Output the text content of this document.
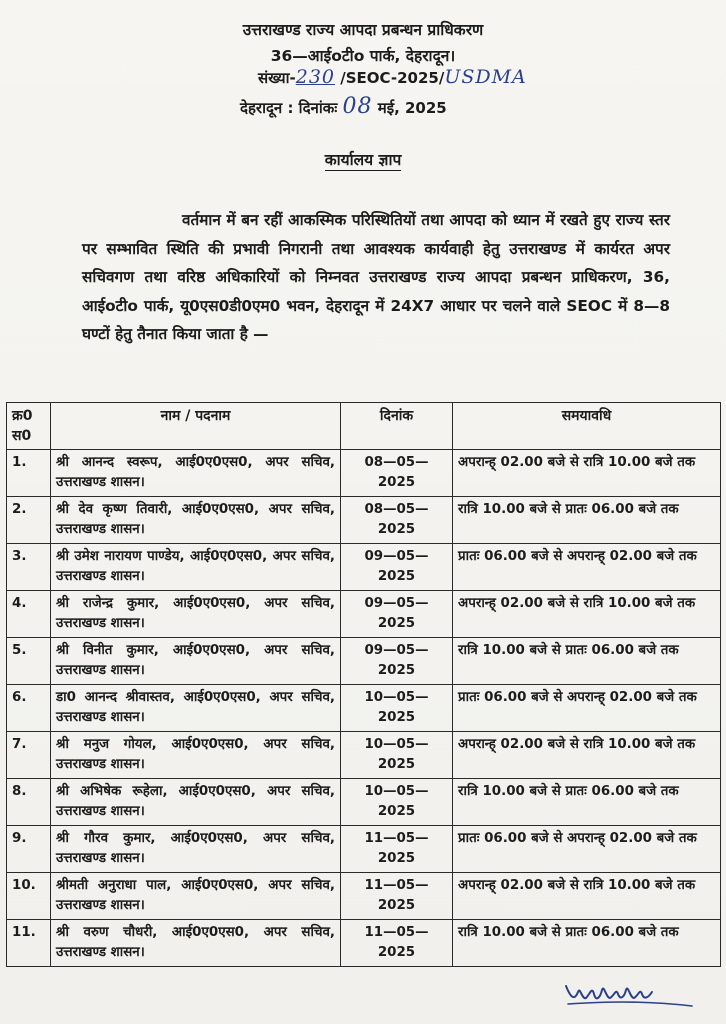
उत्तराखण्ड राज्य आपदा प्रबन्धन प्राधिकरण
36—आईoटीo पार्क, देहरादून।
संख्या-230 /SEOC-2025/USDMA
देहरादून : दिनांकः 08 मई, 2025
कार्यालय ज्ञाप
वर्तमान में बन रहीं आकस्मिक परिस्थितियों तथा आपदा को ध्यान में रखते हुए राज्य स्तर पर सम्भावित स्थिति की प्रभावी निगरानी तथा आवश्यक कार्यवाही हेतु उत्तराखण्ड में कार्यरत अपर सचिवगण तथा वरिष्ठ अधिकारियों को निम्नवत उत्तराखण्ड राज्य आपदा प्रबन्धन प्राधिकरण, 36, आईoटीo पार्क, यू0एस0डी0एम0 भवन, देहरादून में 24X7 आधार पर चलने वाले SEOC में 8—8 घण्टों हेतु तैनात किया जाता है —
क्र0 स0	नाम / पदनाम	दिनांक	समयावधि
1.	श्री आनन्द स्वरूप, आई0ए0एस0, अपर सचिव, उत्तराखण्ड शासन।	08—05—2025	अपरान्ह् 02.00 बजे से रात्रि 10.00 बजे तक
2.	श्री देव कृष्ण तिवारी, आई0ए0एस0, अपर सचिव, उत्तराखण्ड शासन।	08—05—2025	रात्रि 10.00 बजे से प्रातः 06.00 बजे तक
3.	श्री उमेश नारायण पाण्डेय, आई0ए0एस0, अपर सचिव, उत्तराखण्ड शासन।	09—05—2025	प्रातः 06.00 बजे से अपरान्ह् 02.00 बजे तक
4.	श्री राजेन्द्र कुमार, आई0ए0एस0, अपर सचिव, उत्तराखण्ड शासन।	09—05—2025	अपरान्ह् 02.00 बजे से रात्रि 10.00 बजे तक
5.	श्री विनीत कुमार, आई0ए0एस0, अपर सचिव, उत्तराखण्ड शासन।	09—05—2025	रात्रि 10.00 बजे से प्रातः 06.00 बजे तक
6.	डा0 आनन्द श्रीवास्तव, आई0ए0एस0, अपर सचिव, उत्तराखण्ड शासन।	10—05—2025	प्रातः 06.00 बजे से अपरान्ह् 02.00 बजे तक
7.	श्री मनुज गोयल, आई0ए0एस0, अपर सचिव, उत्तराखण्ड शासन।	10—05—2025	अपरान्ह् 02.00 बजे से रात्रि 10.00 बजे तक
8.	श्री अभिषेक रूहेला, आई0ए0एस0, अपर सचिव, उत्तराखण्ड शासन।	10—05—2025	रात्रि 10.00 बजे से प्रातः 06.00 बजे तक
9.	श्री गौरव कुमार, आई0ए0एस0, अपर सचिव, उत्तराखण्ड शासन।	11—05—2025	प्रातः 06.00 बजे से अपरान्ह् 02.00 बजे तक
10.	श्रीमती अनुराधा पाल, आई0ए0एस0, अपर सचिव, उत्तराखण्ड शासन।	11—05—2025	अपरान्ह् 02.00 बजे से रात्रि 10.00 बजे तक
11.	श्री वरुण चौधरी, आई0ए0एस0, अपर सचिव, उत्तराखण्ड शासन।	11—05—2025	रात्रि 10.00 बजे से प्रातः 06.00 बजे तक
